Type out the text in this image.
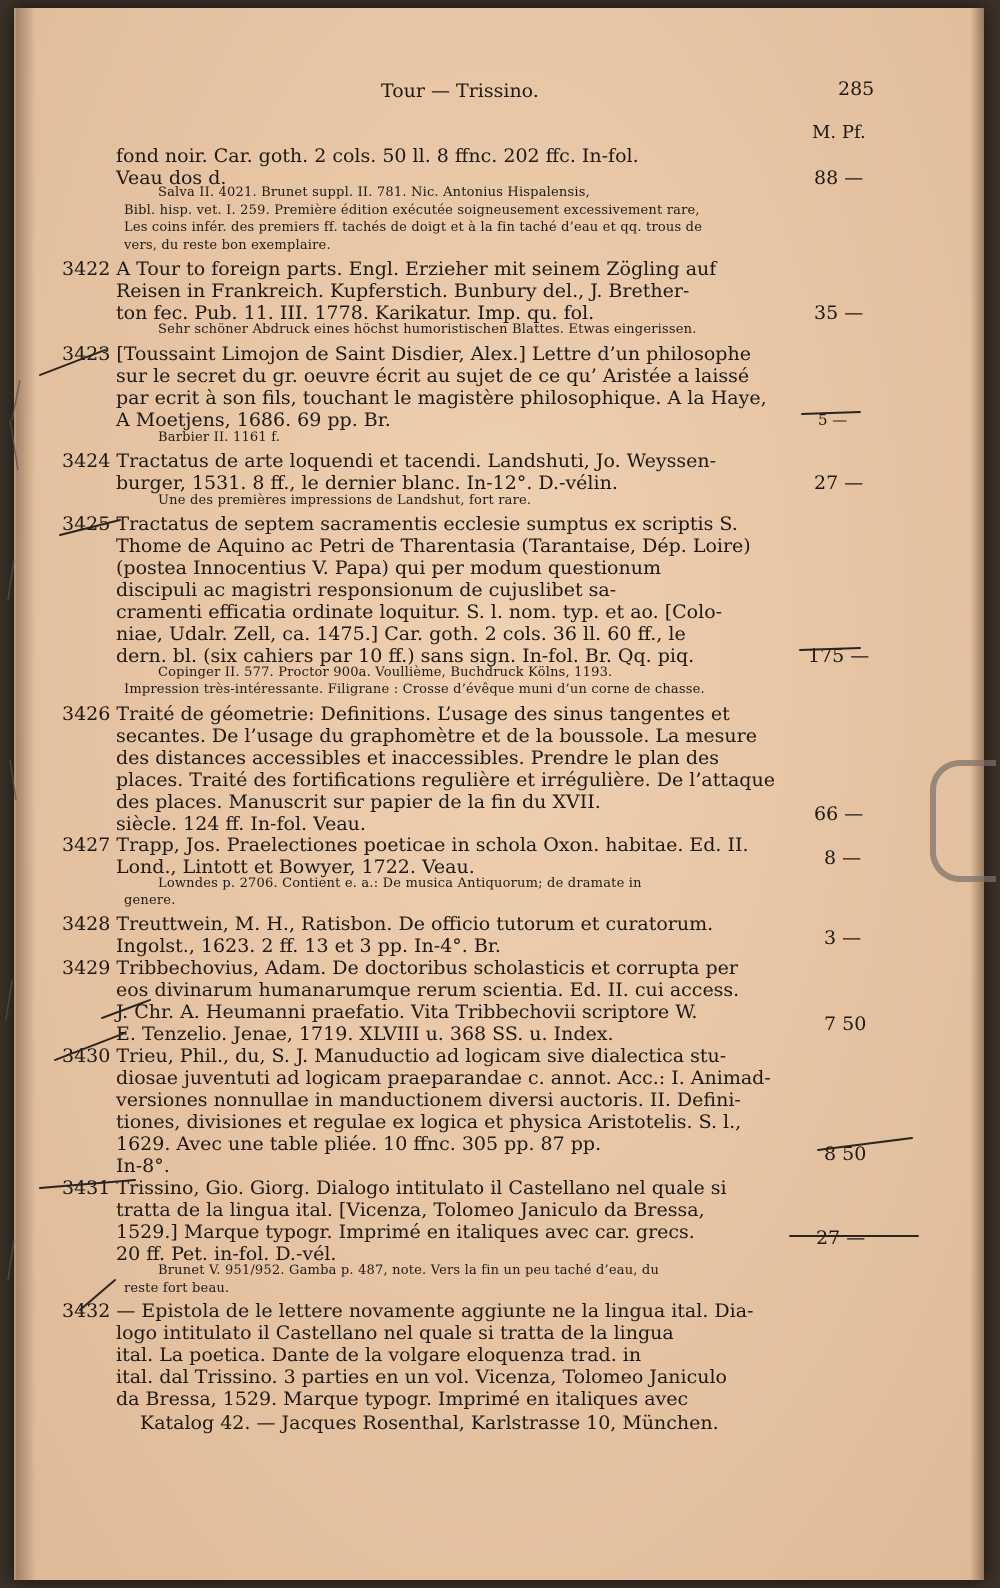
Tour — Trissino.	285
M. Pf.
fond noir. Car. goth. 2 cols. 50 ll. 8 ffnc. 202 ffc. In-fol.
Veau dos d.
Salva II. 4021. Brunet suppl. II. 781. Nic. Antonius Hispalensis,
Bibl. hisp. vet. I. 259. Première édition exécutée soigneusement excessivement rare,
Les coins infér. des premiers ff. tachés de doigt et à la fin taché d’eau et qq. trous de
vers, du reste bon exemplaire.
3422 A Tour to foreign parts. Engl. Erzieher mit seinem Zögling auf
Reisen in Frankreich. Kupferstich. Bunbury del., J. Brether-
ton fec. Pub. 11. III. 1778. Karikatur. Imp. qu. fol.
Sehr schöner Abdruck eines höchst humoristischen Blattes. Etwas eingerissen.
3423 [Toussaint Limojon de Saint Disdier, Alex.] Lettre d’un philosophe
sur le secret du gr. oeuvre écrit au sujet de ce qu’ Aristée a laissé
par ecrit à son fils, touchant le magistère philosophique. A la Haye,
A Moetjens, 1686. 69 pp. Br.
Barbier II. 1161 f.
3424 Tractatus de arte loquendi et tacendi. Landshuti, Jo. Weyssen-
burger, 1531. 8 ff., le dernier blanc. In-12°. D.-vélin.
Une des premières impressions de Landshut, fort rare.
3425 Tractatus de septem sacramentis ecclesie sumptus ex scriptis S.
Thome de Aquino ac Petri de Tharentasia (Tarantaise, Dép. Loire)
(postea Innocentius V. Papa) qui per modum questionum
discipuli ac magistri responsionum de cujuslibet sa-
cramenti efficatia ordinate loquitur. S. l. nom. typ. et ao. [Colo-
niae, Udalr. Zell, ca. 1475.] Car. goth. 2 cols. 36 ll. 60 ff., le
dern. bl. (six cahiers par 10 ff.) sans sign. In-fol. Br. Qq. piq.
Copinger II. 577. Proctor 900a. Voullième, Buchdruck Kölns, 1193.
Impression très-intéressante. Filigrane : Crosse d’évêque muni d’un corne de chasse.
3426 Traité de géometrie: Definitions. L’usage des sinus tangentes et
secantes. De l’usage du graphomètre et de la boussole. La mesure
des distances accessibles et inaccessibles. Prendre le plan des
places. Traité des fortifications regulière et irrégulière. De l’attaque
des places. Manuscrit sur papier de la fin du XVII.
siècle. 124 ff. In-fol. Veau.
3427 Trapp, Jos. Praelectiones poeticae in schola Oxon. habitae. Ed. II.
Lond., Lintott et Bowyer, 1722. Veau.
Lowndes p. 2706. Contient e. a.: De musica Antiquorum; de dramate in
genere.
3428 Treuttwein, M. H., Ratisbon. De officio tutorum et curatorum.
Ingolst., 1623. 2 ff. 13 et 3 pp. In-4°. Br.
3429 Tribbechovius, Adam. De doctoribus scholasticis et corrupta per
eos divinarum humanarumque rerum scientia. Ed. II. cui access.
J. Chr. A. Heumanni praefatio. Vita Tribbechovii scriptore W.
E. Tenzelio. Jenae, 1719. XLVIII u. 368 SS. u. Index.
3430 Trieu, Phil., du, S. J. Manuductio ad logicam sive dialectica stu-
diosae juventuti ad logicam praeparandae c. annot. Acc.: I. Animad-
versiones nonnullae in manductionem diversi auctoris. II. Defini-
tiones, divisiones et regulae ex logica et physica Aristotelis. S. l.,
1629. Avec une table pliée. 10 ffnc. 305 pp. 87 pp.
In-8°.
3431 Trissino, Gio. Giorg. Dialogo intitulato il Castellano nel quale si
tratta de la lingua ital. [Vicenza, Tolomeo Janiculo da Bressa,
1529.] Marque typogr. Imprimé en italiques avec car. grecs.
20 ff. Pet. in-fol. D.-vél.
Brunet V. 951/952. Gamba p. 487, note. Vers la fin un peu taché d’eau, du
reste fort beau.
3432 — Epistola de le lettere novamente aggiunte ne la lingua ital. Dia-
logo intitulato il Castellano nel quale si tratta de la lingua
ital. La poetica. Dante de la volgare eloquenza trad. in
ital. dal Trissino. 3 parties en un vol. Vicenza, Tolomeo Janiculo
da Bressa, 1529. Marque typogr. Imprimé en italiques avec
88 —
35 —
5 —
27 —
175 —
66 —
8 —
3 —
7 50
8 50
27 —
Katalog 42. — Jacques Rosenthal, Karlstrasse 10, München.
